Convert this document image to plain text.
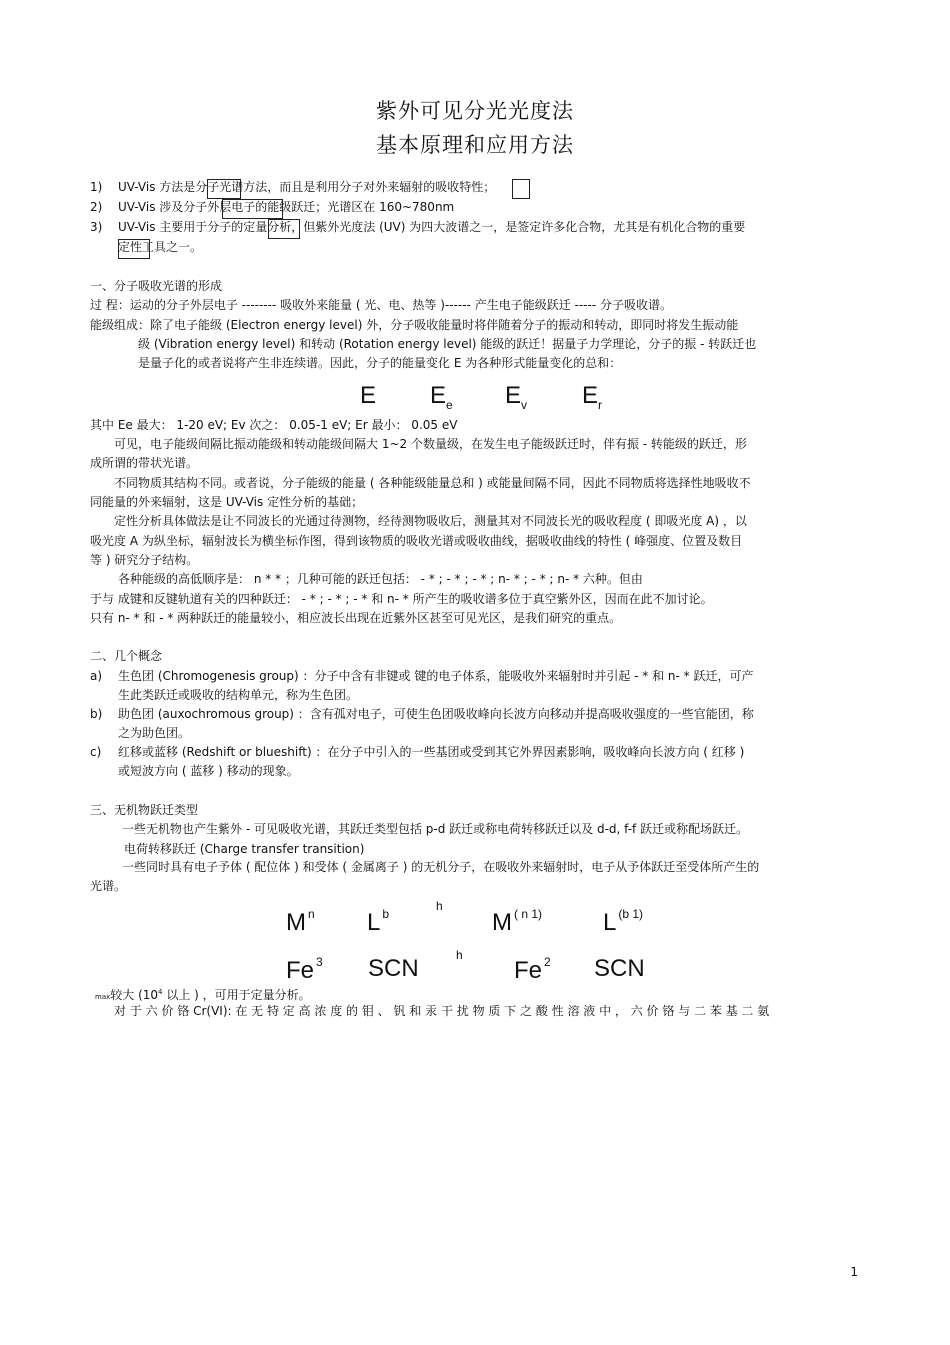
紫外可见分光光度法
基本原理和应用方法
1) UV-Vis 方法是分子光谱方法，而且是利用分子对外来辐射的吸收特性；
2) UV-Vis 涉及分子外层电子的能级跃迁；光谱区在 160~780nm
3) UV-Vis 主要用于分子的定量分析，但紫外光度法 (UV) 为四大波谱之一，是签定许多化合物，尤其是有机化合物的重要
定性工具之一。
一、分子吸收光谱的形成
过 程：运动的分子外层电子 -------- 吸收外来能量 ( 光、电、热等 )------ 产生电子能级跃迁 ----- 分子吸收谱。
能级组成：除了电子能级 (Electron energy level) 外，分子吸收能量时将伴随着分子的振动和转动，即同时将发生振动能
级 (Vibration energy level) 和转动 (Rotation energy level) 能级的跃迁！据量子力学理论，分子的振 - 转跃迁也
是量子化的或者说将产生非连续谱。因此，分子的能量变化 E 为各种形式能量变化的总和：
E $E_e$ $E_v$ $E_r$
其中 Ee 最大： 1-20 eV; Ev 次之： 0.05-1 eV; Er 最小： 0.05 eV
可见，电子能级间隔比振动能级和转动能级间隔大 1~2 个数量级，在发生电子能级跃迁时，伴有振 - 转能级的跃迁，形
成所谓的带状光谱。
不同物质其结构不同。或者说，分子能级的能量 ( 各种能级能量总和 ) 或能量间隔不同，因此不同物质将选择性地吸收不
同能量的外来辐射，这是 UV-Vis 定性分析的基础；
定性分析具体做法是让不同波长的光通过待测物，经待测物吸收后，测量其对不同波长光的吸收程度 ( 即吸光度 A) ，以
吸光度 A 为纵坐标，辐射波长为横坐标作图，得到该物质的吸收光谱或吸收曲线，据吸收曲线的特性 ( 峰强度、位置及数目
等 ) 研究分子结构。
各种能级的高低顺序是： n * * ；几种可能的跃迁包括： - * ; - * ; - * ; n- * ; - * ; n- * 六种。但由
于与 成键和反键轨道有关的四种跃迁： - * ; - * ; - * 和 n- * 所产生的吸收谱多位于真空紫外区，因而在此不加讨论。
只有 n- * 和 - * 两种跃迁的能量较小，相应波长出现在近紫外区甚至可见光区，是我们研究的重点。
二、几个概念
a)	生色团 (Chromogenesis group) ：分子中含有非键或 键的电子体系，能吸收外来辐射时并引起 - * 和 n- * 跃迁，可产
生此类跃迁或吸收的结构单元，称为生色团。
b)	助色团 (auxochromous group) ：含有孤对电子，可使生色团吸收峰向长波方向移动并提高吸收强度的一些官能团，称
之为助色团。
c)	红移或蓝移 (Redshift or blueshift) ：在分子中引入的一些基团或受到其它外界因素影响，吸收峰向长波方向 ( 红移 )
或短波方向 ( 蓝移 ) 移动的现象。
三、无机物跃迁类型
一些无机物也产生紫外 - 可见吸收光谱，其跃迁类型包括 p-d 跃迁或称电荷转移跃迁以及 d-d, f-f 跃迁或称配场跃迁。
电荷转移跃迁 (Charge transfer transition)
一些同时具有电子予体 ( 配位体 ) 和受体 ( 金属离子 ) 的无机分子，在吸收外来辐射时，电子从予体跃迁至受体所产生的
光谱。
M $^n$ L $^b$
h
M $^{( n 1)}$	L $^{(b 1)}$
Fe $^3$ SCN	h
Fe $^2$ SCN
max较大 ($10^4$ 以上 ) ，可用于定量分析。
对 于 六 价 铬 Cr(VI): 在 无 特 定 高 浓 度 的 钼 、 钒 和 汞 干 扰 物 质 下 之 酸 性 溶 液 中 ， 六 价 铬 与 二 苯 基 二 氨
1
